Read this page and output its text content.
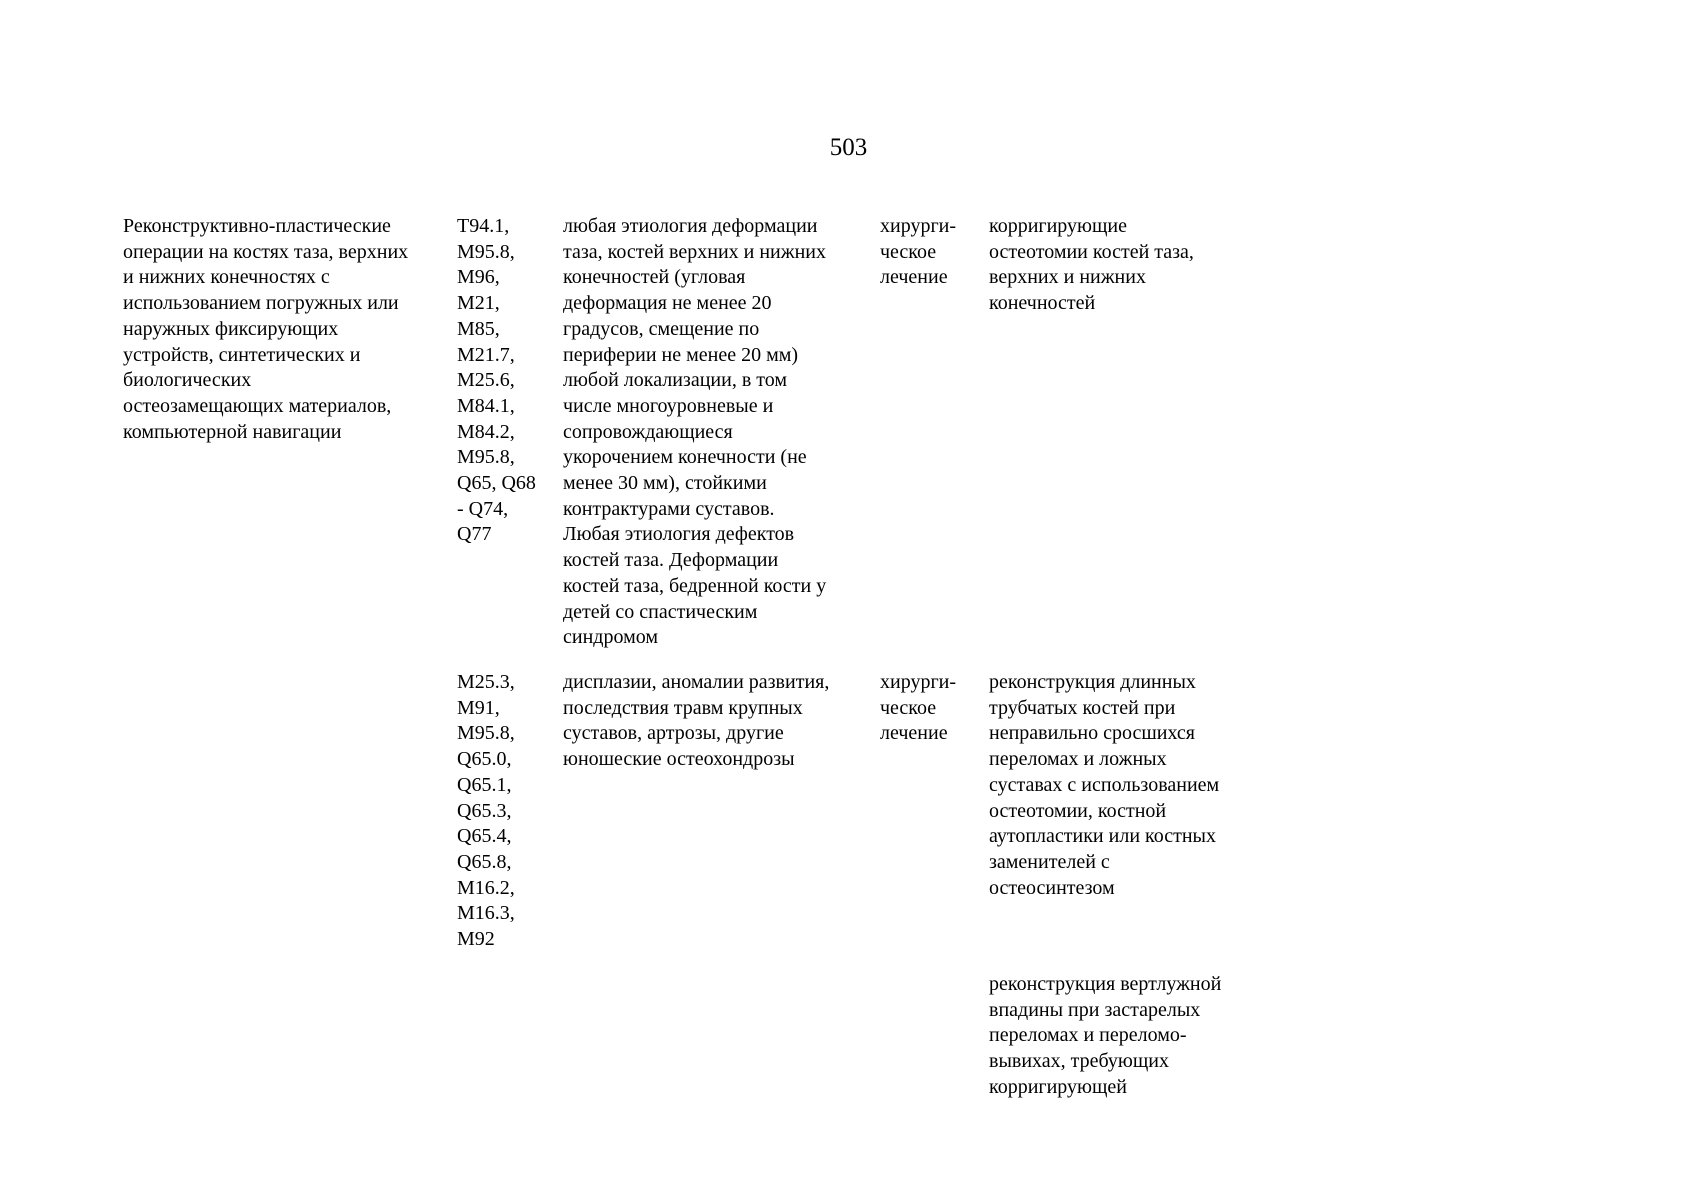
503
Реконструктивно-пластические
операции на костях таза, верхних
и нижних конечностях с
использованием погружных или
наружных фиксирующих
устройств, синтетических и
биологических
остеозамещающих материалов,
компьютерной навигации
T94.1,
M95.8,
M96,
M21,
M85,
M21.7,
M25.6,
M84.1,
M84.2,
M95.8,
Q65, Q68
- Q74,
Q77
любая этиология деформации
таза, костей верхних и нижних
конечностей (угловая
деформация не менее 20
градусов, смещение по
периферии не менее 20 мм)
любой локализации, в том
числе многоуровневые и
сопровождающиеся
укорочением конечности (не
менее 30 мм), стойкими
контрактурами суставов.
Любая этиология дефектов
костей таза. Деформации
костей таза, бедренной кости у
детей со спастическим
синдромом
хирурги-
ческое
лечение
корригирующие
остеотомии костей таза,
верхних и нижних
конечностей
M25.3,
M91,
M95.8,
Q65.0,
Q65.1,
Q65.3,
Q65.4,
Q65.8,
M16.2,
M16.3,
M92
дисплазии, аномалии развития,
последствия травм крупных
суставов, артрозы, другие
юношеские остеохондрозы
хирурги-
ческое
лечение
реконструкция длинных
трубчатых костей при
неправильно сросшихся
переломах и ложных
суставах с использованием
остеотомии, костной
аутопластики или костных
заменителей с
остеосинтезом
реконструкция вертлужной
впадины при застарелых
переломах и переломо-
вывихах, требующих
корригирующей
